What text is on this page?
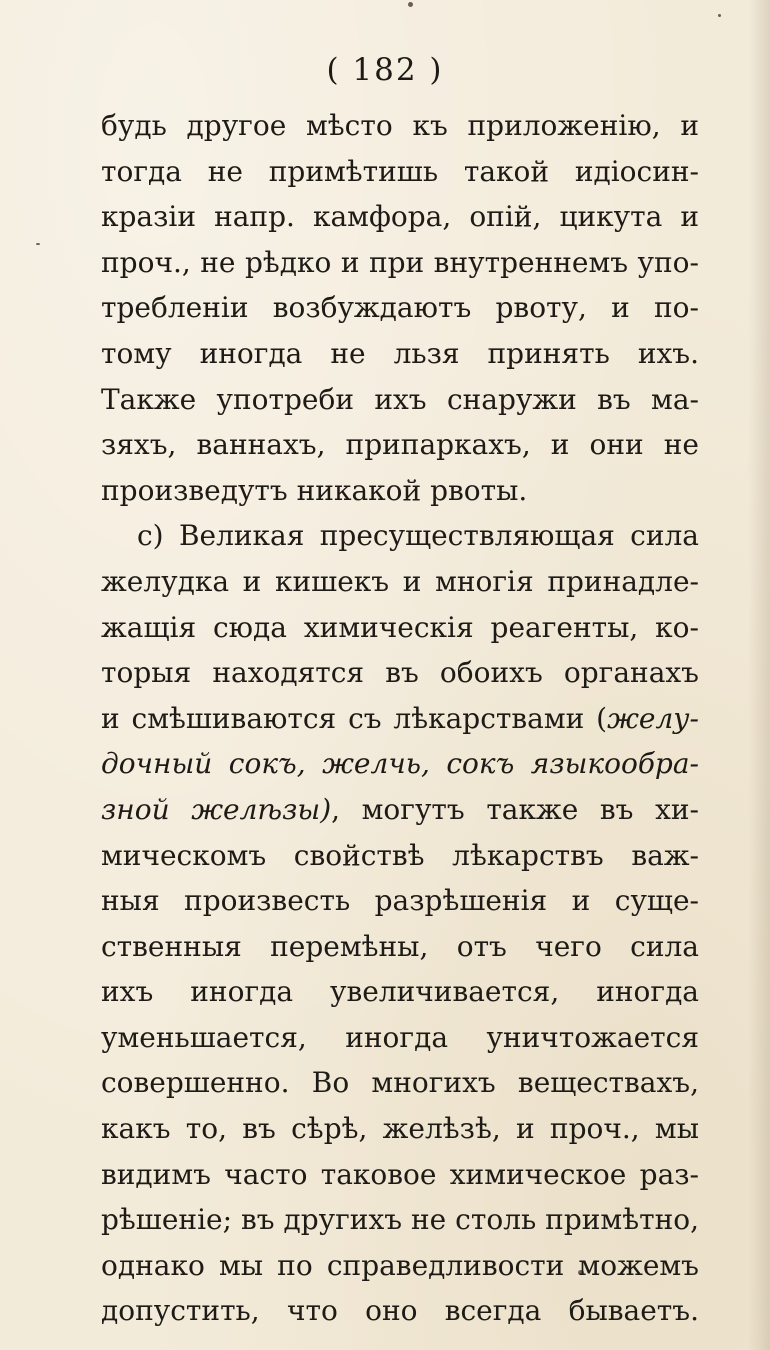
( 182 )
будь другое мѣсто къ приложенiю, и
тогда не примѣтишь такой идiосин-
кразiи напр. камфора, опiй, цикута и
проч., не рѣдко и при внутреннемъ упо-
требленiи возбуждаютъ рвоту, и по-
тому иногда не льзя принять ихъ.
Также употреби ихъ снаружи въ ма-
зяхъ, ваннахъ, припаркахъ, и они не
произведутъ никакой рвоты.
c) Великая пресуществляющая сила
желудка и кишекъ и многiя принадле-
жащiя сюда химическiя реагенты, ко-
торыя находятся въ обоихъ органахъ
и смѣшиваются съ лѣкарствами (желу-
дочный сокъ, желчь, сокъ языкообра-
зной желѣзы), могутъ также въ хи-
мическомъ свойствѣ лѣкарствъ важ-
ныя произвесть разрѣшенiя и суще-
ственныя перемѣны, отъ чего сила
ихъ иногда увеличивается, иногда
уменьшается, иногда уничтожается
совершенно. Во многихъ веществахъ,
какъ то, въ сѣрѣ, желѣзѣ, и проч., мы
видимъ часто таковое химическое раз-
рѣшенiе; въ другихъ не столь примѣтно,
однако мы по справедливости можемъ
допустить, что оно всегда бываетъ.
